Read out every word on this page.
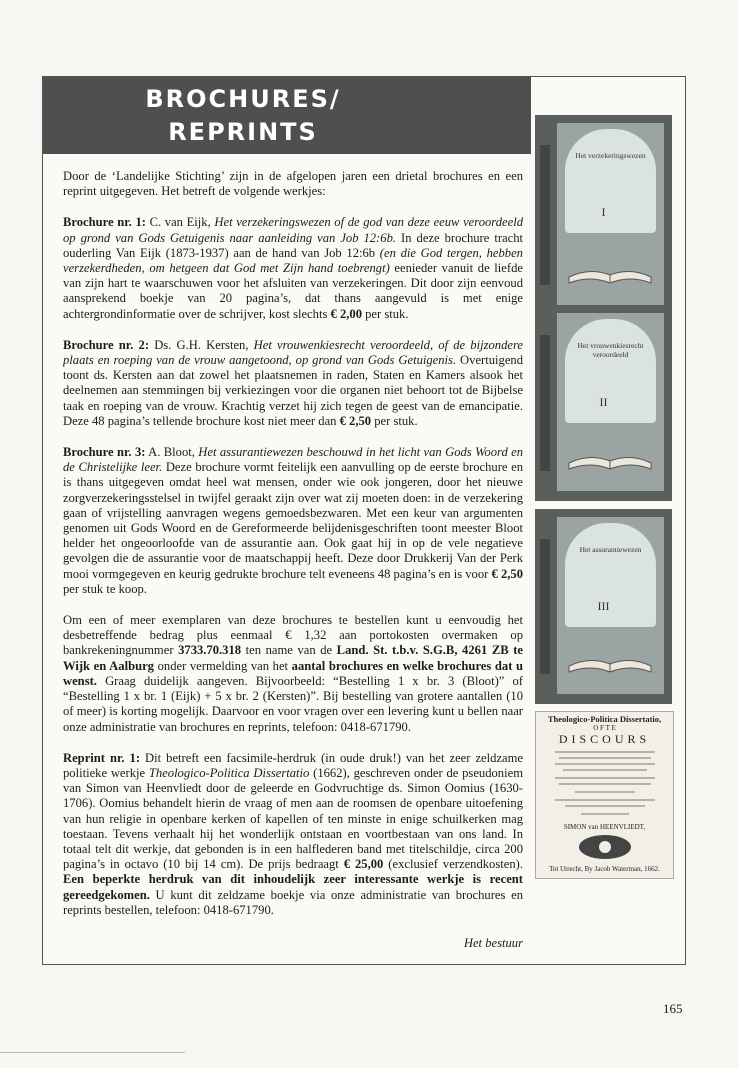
BROCHURES/
REPRINTS

Door de ‘Landelijke Stichting’ zijn in de afgelopen jaren een drietal brochures en een reprint uitgegeven. Het betreft de volgende werkjes:

Brochure nr. 1: C. van Eijk, Het verzekeringswezen of de god van deze eeuw veroordeeld op grond van Gods Getuigenis naar aanleiding van Job 12:6b. In deze brochure tracht ouderling Van Eijk (1873-1937) aan de hand van Job 12:6b (en die God tergen, hebben verzekerdheden, om hetgeen dat God met Zijn hand toebrengt) eenieder vanuit de liefde van zijn hart te waarschuwen voor het afsluiten van verzekeringen. Dit door zijn eenvoud aansprekend boekje van 20 pagina’s, dat thans aangevuld is met enige achtergrondinformatie over de schrijver, kost slechts € 2,00 per stuk.

Brochure nr. 2: Ds. G.H. Kersten, Het vrouwenkiesrecht veroordeeld, of de bijzondere plaats en roeping van de vrouw aangetoond, op grond van Gods Getuigenis. Overtuigend toont ds. Kersten aan dat zowel het plaatsnemen in raden, Staten en Kamers alsook het deelnemen aan stemmingen bij verkiezingen voor die organen niet behoort tot de Bijbelse taak en roeping van de vrouw. Krachtig verzet hij zich tegen de geest van de emancipatie. Deze 48 pagina’s tellende brochure kost niet meer dan € 2,50 per stuk.

Brochure nr. 3: A. Bloot, Het assurantiewezen beschouwd in het licht van Gods Woord en de Christelijke leer. Deze brochure vormt feitelijk een aanvulling op de eerste brochure en is thans uitgegeven omdat heel wat mensen, onder wie ook jongeren, door het nieuwe zorgverzekeringsstelsel in twijfel geraakt zijn over wat zij moeten doen: in de verzekering gaan of vrijstelling aanvragen wegens gemoedsbezwaren. Met een keur van argumenten genomen uit Gods Woord en de Gereformeerde belijdenisgeschriften toont meester Bloot helder het ongeoorloofde van de assurantie aan. Ook gaat hij in op de vele negatieve gevolgen die de assurantie voor de maatschappij heeft. Deze door Drukkerij Van der Perk mooi vormgegeven en keurig gedrukte brochure telt eveneens 48 pagina’s en is voor € 2,50 per stuk te koop.

Om een of meer exemplaren van deze brochures te bestellen kunt u eenvoudig het desbetreffende bedrag plus eenmaal € 1,32 aan portokosten overmaken op bankrekeningnummer 3733.70.318 ten name van de Land. St. t.b.v. S.G.B, 4261 ZB te Wijk en Aalburg onder vermelding van het aantal brochures en welke brochures dat u wenst. Graag duidelijk aangeven. Bijvoorbeeld: “Bestelling 1 x br. 3 (Bloot)” of “Bestelling 1 x br. 1 (Eijk) + 5 x br. 2 (Kersten)”. Bij bestelling van grotere aantallen (10 of meer) is korting mogelijk. Daarvoor en voor vragen over een levering kunt u bellen naar onze administratie van brochures en reprints, telefoon: 0418-671790.

Reprint nr. 1: Dit betreft een facsimile-herdruk (in oude druk!) van het zeer zeldzame politieke werkje Theologico-Politica Dissertatio (1662), geschreven onder de pseudoniem van Simon van Heenvliedt door de geleerde en Godvruchtige ds. Simon Oomius (1630-1706). Oomius behandelt hierin de vraag of men aan de roomsen de openbare uitoefening van hun religie in openbare kerken of kapellen of ten minste in enige schuilkerken mag toestaan. Tevens verhaalt hij het wonderlijk ontstaan en voortbestaan van ons land. In totaal telt dit werkje, dat gebonden is in een halflederen band met titelschildje, circa 200 pagina’s in octavo (10 bij 14 cm). De prijs bedraagt € 25,00 (exclusief verzendkosten). Een beperkte herdruk van dit inhoudelijk zeer interessante werkje is recent gereedgekomen. U kunt dit zeldzame boekje via onze administratie van brochures en reprints bestellen, telefoon: 0418-671790.

Het bestuur
Het verzekeringswezen
I
Het vrouwenkiesrecht veroordeeld
II
Het assurantiewezen
III
Theologico-Politica Dissertatio,
O F T E
DISCOURS
SIMON van HEENVLIEDT,
Tot Utrecht, By Jacob Waterman, 1662.
165
